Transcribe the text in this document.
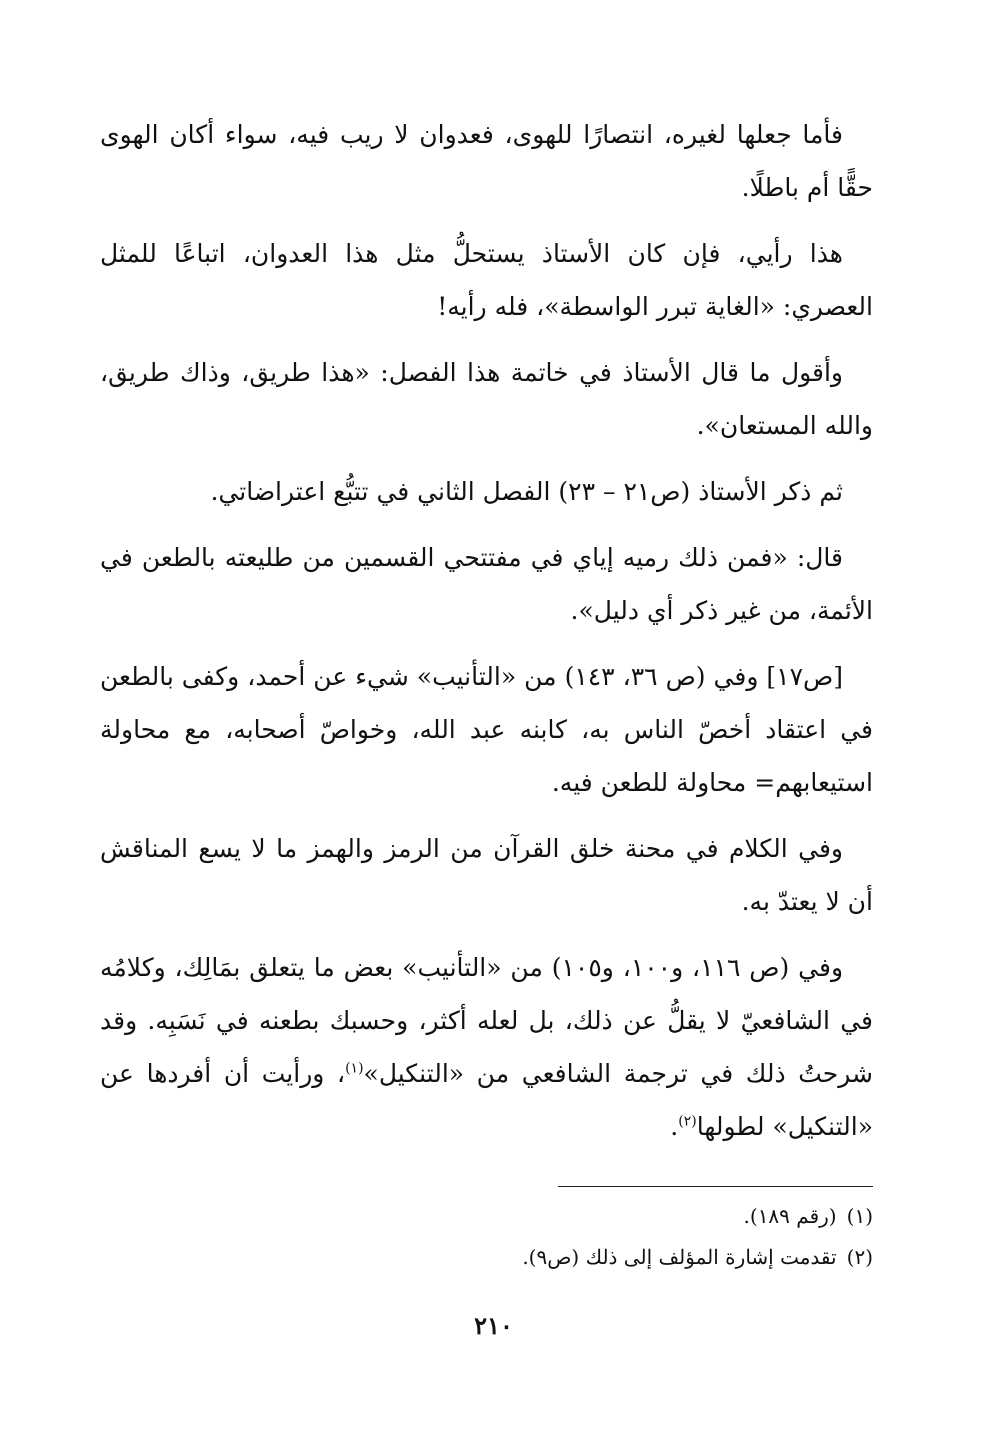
فأما جعلها لغيره، انتصارًا للهوى، فعدوان لا ريب فيه، سواء أكان الهوى حقًّا أم باطلًا.

هذا رأيي، فإن كان الأستاذ يستحلُّ مثل هذا العدوان، اتباعًا للمثل العصري: «الغاية تبرر الواسطة»، فله رأيه!

وأقول ما قال الأستاذ في خاتمة هذا الفصل: «هذا طريق، وذاك طريق، والله المستعان».

ثم ذكر الأستاذ (ص٢١ – ٢٣) الفصل الثاني في تتبُّع اعتراضاتي.

قال: «فمن ذلك رميه إياي في مفتتحي القسمين من طليعته بالطعن في الأئمة، من غير ذكر أي دليل».

[ص١٧] وفي (ص ٣٦، ١٤٣) من «التأنيب» شيء عن أحمد، وكفى بالطعن في اعتقاد أخصّ الناس به، كابنه عبد الله، وخواصّ أصحابه، مع محاولة استيعابهم= محاولة للطعن فيه.

وفي الكلام في محنة خلق القرآن من الرمز والهمز ما لا يسع المناقش أن لا يعتدّ به.

وفي (ص ١١٦، و١٠٠، و١٠٥) من «التأنيب» بعض ما يتعلق بمَالِك، وكلامُه في الشافعيّ لا يقلُّ عن ذلك، بل لعله أكثر، وحسبك بطعنه في نَسَبِه. وقد شرحتُ ذلك في ترجمة الشافعي من «التنكيل»$^{(١)}$، ورأيت أن أفردها عن «التنكيل» لطولها$^{(٢)}$.

(١)(رقم ١٨٩).

(٢)تقدمت إشارة المؤلف إلى ذلك (ص٩).

٢١٠
